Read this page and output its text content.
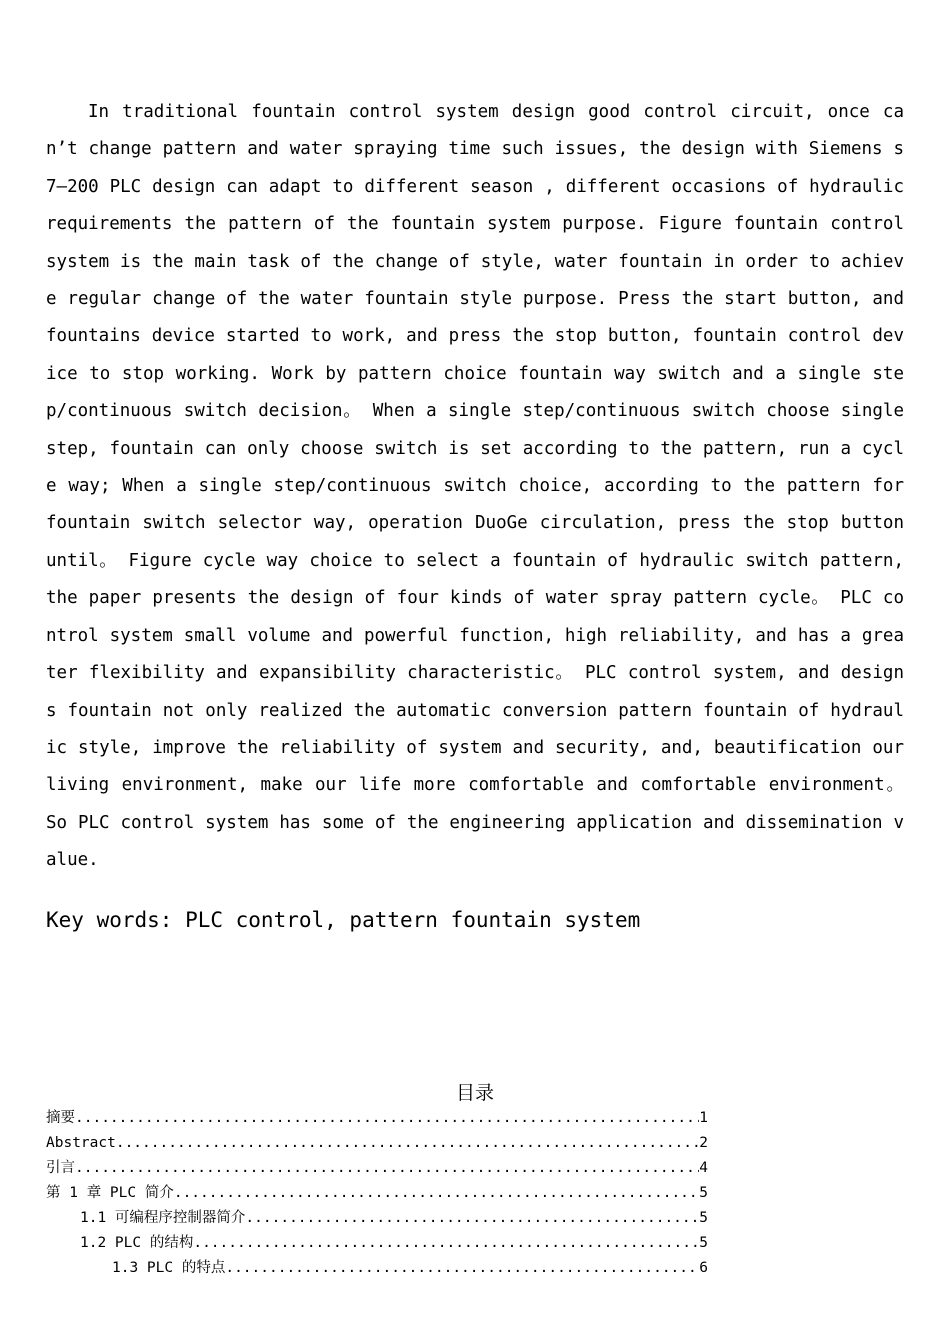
In traditional fountain control system design good control circuit, once can’t change pattern and water spraying time such issues, the design with Siemens s7—200 PLC design can adapt to different season , different occasions of hydraulic requirements the pattern of the fountain system purpose. Figure fountain control system is the main task of the change of style, water fountain in order to achieve regular change of the water fountain style purpose. Press the start button, and fountains device started to work, and press the stop button, fountain control device to stop working. Work by pattern choice fountain way switch and a single step/continuous switch decision。 When a single step/continuous switch choose single step, fountain can only choose switch is set according to the pattern, run a cycle way; When a single step/continuous switch choice, according to the pattern for fountain switch selector way, operation DuoGe circulation, press the stop button until。 Figure cycle way choice to select a fountain of hydraulic switch pattern, the paper presents the design of four kinds of water spray pattern cycle。 PLC control system small volume and powerful function, high reliability, and has a greater flexibility and expansibility characteristic。 PLC control system, and designs fountain not only realized the automatic conversion pattern fountain of hydraulic style, improve the reliability of system and security, and, beautification our living environment, make our life more comfortable and comfortable environment。 So PLC control system has some of the engineering application and dissemination value.

Key words: PLC control, pattern fountain system

目录
摘要 .....	1
Abstract .....	2
引言 .....	4
第 1 章 PLC 简介 .....	5
1.1 可编程序控制器简介 .....	5
1.2 PLC 的结构 .....	5
1.3 PLC 的特点 .....	6
